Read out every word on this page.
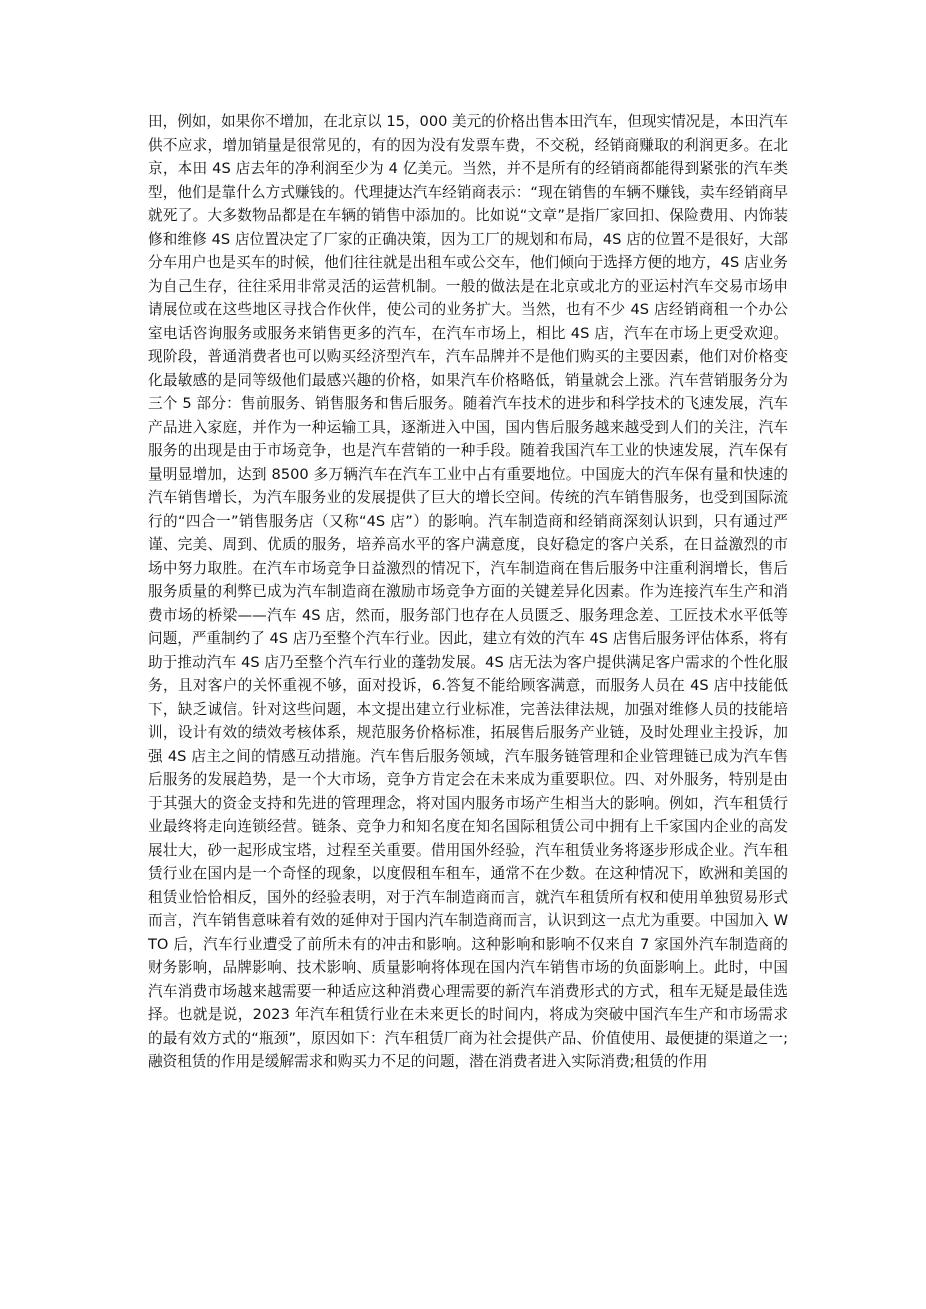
田，例如，如果你不增加，在北京以 15，000 美元的价格出售本田汽车，但现实情况是，本田汽车供不应求，增加销量是很常见的，有的因为没有发票车费，不交税，经销商赚取的利润更多。在北京，本田 4S 店去年的净利润至少为 4 亿美元。当然，并不是所有的经销商都能得到紧张的汽车类型，他们是靠什么方式赚钱的。代理捷达汽车经销商表示：“现在销售的车辆不赚钱，卖车经销商早就死了。大多数物品都是在车辆的销售中添加的。比如说“文章”是指厂家回扣、保险费用、内饰装修和维修 4S 店位置决定了厂家的正确决策，因为工厂的规划和布局，4S 店的位置不是很好，大部分车用户也是买车的时候，他们往往就是出租车或公交车，他们倾向于选择方便的地方，4S 店业务为自己生存，往往采用非常灵活的运营机制。一般的做法是在北京或北方的亚运村汽车交易市场申请展位或在这些地区寻找合作伙伴，使公司的业务扩大。当然，也有不少 4S 店经销商租一个办公室电话咨询服务或服务来销售更多的汽车，在汽车市场上，相比 4S 店，汽车在市场上更受欢迎。现阶段，普通消费者也可以购买经济型汽车，汽车品牌并不是他们购买的主要因素，他们对价格变化最敏感的是同等级他们最感兴趣的价格，如果汽车价格略低，销量就会上涨。汽车营销服务分为三个 5 部分：售前服务、销售服务和售后服务。随着汽车技术的进步和科学技术的飞速发展，汽车产品进入家庭，并作为一种运输工具，逐渐进入中国，国内售后服务越来越受到人们的关注，汽车服务的出现是由于市场竞争，也是汽车营销的一种手段。随着我国汽车工业的快速发展，汽车保有量明显增加，达到 8500 多万辆汽车在汽车工业中占有重要地位。中国庞大的汽车保有量和快速的汽车销售增长，为汽车服务业的发展提供了巨大的增长空间。传统的汽车销售服务，也受到国际流行的“四合一”销售服务店（又称“4S 店”）的影响。汽车制造商和经销商深刻认识到，只有通过严谨、完美、周到、优质的服务，培养高水平的客户满意度，良好稳定的客户关系，在日益激烈的市场中努力取胜。在汽车市场竞争日益激烈的情况下，汽车制造商在售后服务中注重利润增长，售后服务质量的利弊已成为汽车制造商在激励市场竞争方面的关键差异化因素。作为连接汽车生产和消费市场的桥梁——汽车 4S 店，然而，服务部门也存在人员匮乏、服务理念差、工匠技术水平低等问题，严重制约了 4S 店乃至整个汽车行业。因此，建立有效的汽车 4S 店售后服务评估体系，将有助于推动汽车 4S 店乃至整个汽车行业的蓬勃发展。4S 店无法为客户提供满足客户需求的个性化服务，且对客户的关怀重视不够，面对投诉，6.答复不能给顾客满意，而服务人员在 4S 店中技能低下，缺乏诚信。针对这些问题，本文提出建立行业标准，完善法律法规，加强对维修人员的技能培训，设计有效的绩效考核体系，规范服务价格标准，拓展售后服务产业链，及时处理业主投诉，加强 4S 店主之间的情感互动措施。汽车售后服务领域，汽车服务链管理和企业管理链已成为汽车售后服务的发展趋势，是一个大市场，竞争方肯定会在未来成为重要职位。四、对外服务，特别是由于其强大的资金支持和先进的管理理念，将对国内服务市场产生相当大的影响。例如，汽车租赁行业最终将走向连锁经营。链条、竞争力和知名度在知名国际租赁公司中拥有上千家国内企业的高发展壮大，砂一起形成宝塔，过程至关重要。借用国外经验，汽车租赁业务将逐步形成企业。汽车租赁行业在国内是一个奇怪的现象，以度假租车租车，通常不在少数。在这种情况下，欧洲和美国的租赁业恰恰相反，国外的经验表明，对于汽车制造商而言，就汽车租赁所有权和使用单独贸易形式而言，汽车销售意味着有效的延伸对于国内汽车制造商而言，认识到这一点尤为重要。中国加入 WTO 后，汽车行业遭受了前所未有的冲击和影响。这种影响和影响不仅来自 7 家国外汽车制造商的财务影响，品牌影响、技术影响、质量影响将体现在国内汽车销售市场的负面影响上。此时，中国汽车消费市场越来越需要一种适应这种消费心理需要的新汽车消费形式的方式，租车无疑是最佳选择。也就是说，2023 年汽车租赁行业在未来更长的时间内，将成为突破中国汽车生产和市场需求的最有效方式的“瓶颈”，原因如下：汽车租赁厂商为社会提供产品、价值使用、最便捷的渠道之一;融资租赁的作用是缓解需求和购买力不足的问题，潜在消费者进入实际消费;租赁的作用
